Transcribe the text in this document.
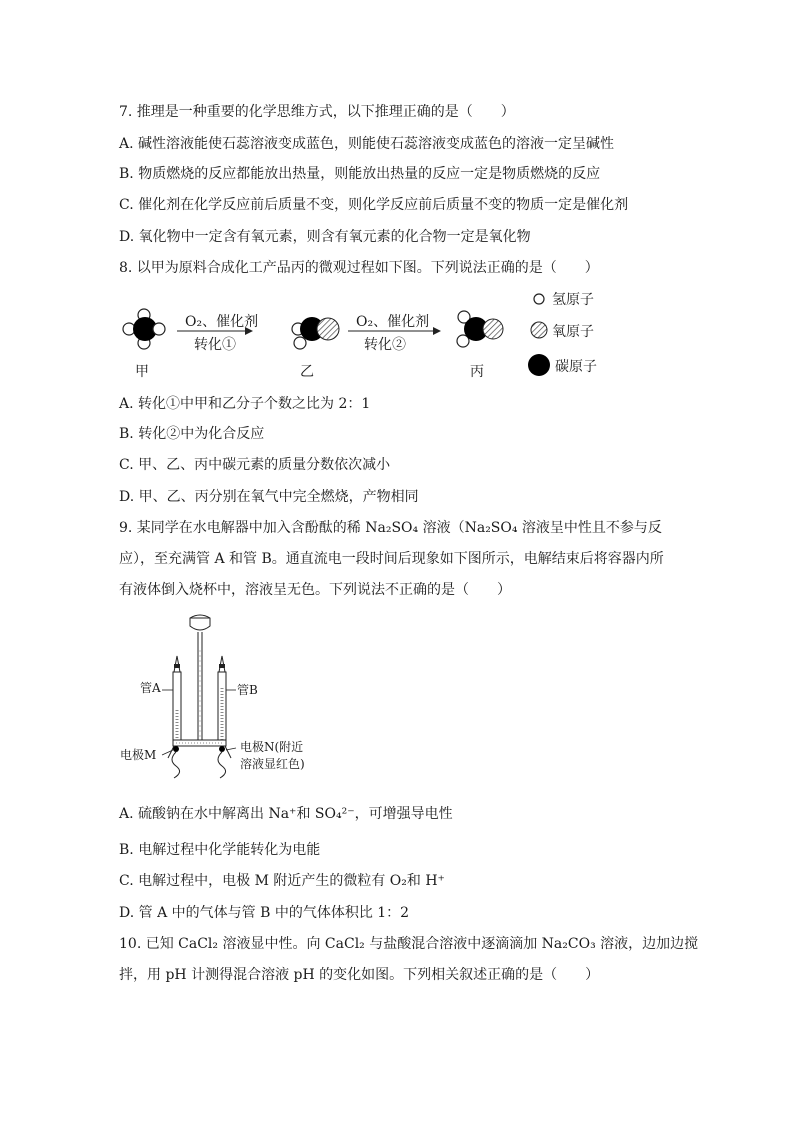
7. 推理是一种重要的化学思维方式，以下推理正确的是（　　）
A. 碱性溶液能使石蕊溶液变成蓝色，则能使石蕊溶液变成蓝色的溶液一定呈碱性
B. 物质燃烧的反应都能放出热量，则能放出热量的反应一定是物质燃烧的反应
C. 催化剂在化学反应前后质量不变，则化学反应前后质量不变的物质一定是催化剂
D. 氧化物中一定含有氧元素，则含有氧元素的化合物一定是氧化物
8. 以甲为原料合成化工产品丙的微观过程如下图。下列说法正确的是（　　）
O₂、催化剂
转化①
O₂、催化剂
转化②
甲	乙	丙
氢原子
氧原子
碳原子
A. 转化①中甲和乙分子个数之比为 2：1
B. 转化②中为化合反应
C. 甲、乙、丙中碳元素的质量分数依次减小
D. 甲、乙、丙分别在氧气中完全燃烧，产物相同
9. 某同学在水电解器中加入含酚酞的稀 Na₂SO₄ 溶液（Na₂SO₄ 溶液呈中性且不参与反
应），至充满管 A 和管 B。通直流电一段时间后现象如下图所示，电解结束后将容器内所
有液体倒入烧杯中，溶液呈无色。下列说法不正确的是（　　）
管A	管B
电极M
电极N(附近
溶液显红色)
A. 硫酸钠在水中解离出 Na⁺和 SO₄²⁻，可增强导电性
B. 电解过程中化学能转化为电能
C. 电解过程中，电极 M 附近产生的微粒有 O₂和 H⁺
D. 管 A 中的气体与管 B 中的气体体积比 1：2
10. 已知 CaCl₂ 溶液显中性。向 CaCl₂ 与盐酸混合溶液中逐滴滴加 Na₂CO₃ 溶液，边加边搅
拌，用 pH 计测得混合溶液 pH 的变化如图。下列相关叙述正确的是（　　）
